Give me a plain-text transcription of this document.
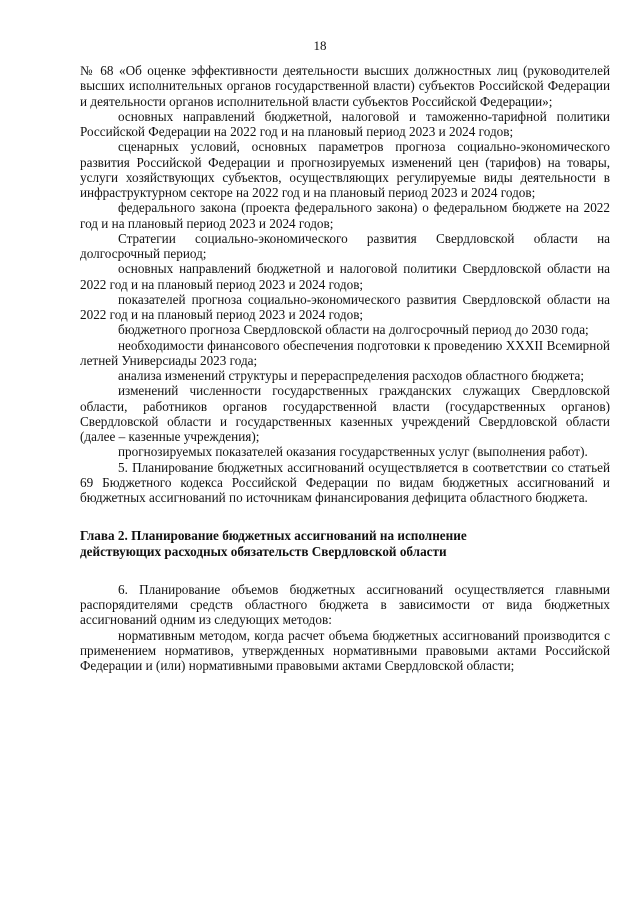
18

№ 68 «Об оценке эффективности деятельности высших должностных лиц (руководителей высших исполнительных органов государственной власти) субъектов Российской Федерации и деятельности органов исполнительной власти субъектов Российской Федерации»;

основных направлений бюджетной, налоговой и таможенно-тарифной политики Российской Федерации на 2022 год и на плановый период 2023 и 2024 годов;

сценарных условий, основных параметров прогноза социально-экономического развития Российской Федерации и прогнозируемых изменений цен (тарифов) на товары, услуги хозяйствующих субъектов, осуществляющих регулируемые виды деятельности в инфраструктурном секторе на 2022 год и на плановый период 2023 и 2024 годов;

федерального закона (проекта федерального закона) о федеральном бюджете на 2022 год и на плановый период 2023 и 2024 годов;

Стратегии социально-экономического развития Свердловской области на долгосрочный период;

основных направлений бюджетной и налоговой политики Свердловской области на 2022 год и на плановый период 2023 и 2024 годов;

показателей прогноза социально-экономического развития Свердловской области на 2022 год и на плановый период 2023 и 2024 годов;

бюджетного прогноза Свердловской области на долгосрочный период до 2030 года;

необходимости финансового обеспечения подготовки к проведению XXXII Всемирной летней Универсиады 2023 года;

анализа изменений структуры и перераспределения расходов областного бюджета;

изменений численности государственных гражданских служащих Свердловской области, работников органов государственной власти (государственных органов) Свердловской области и государственных казенных учреждений Свердловской области (далее – казенные учреждения);

прогнозируемых показателей оказания государственных услуг (выполнения работ).

5. Планирование бюджетных ассигнований осуществляется в соответствии со статьей 69 Бюджетного кодекса Российской Федерации по видам бюджетных ассигнований и бюджетных ассигнований по источникам финансирования дефицита областного бюджета.

Глава 2. Планирование бюджетных ассигнований на исполнение

действующих расходных обязательств Свердловской области

6. Планирование объемов бюджетных ассигнований осуществляется главными распорядителями средств областного бюджета в зависимости от вида бюджетных ассигнований одним из следующих методов:

нормативным методом, когда расчет объема бюджетных ассигнований производится с применением нормативов, утвержденных нормативными правовыми актами Российской Федерации и (или) нормативными правовыми актами Свердловской области;
